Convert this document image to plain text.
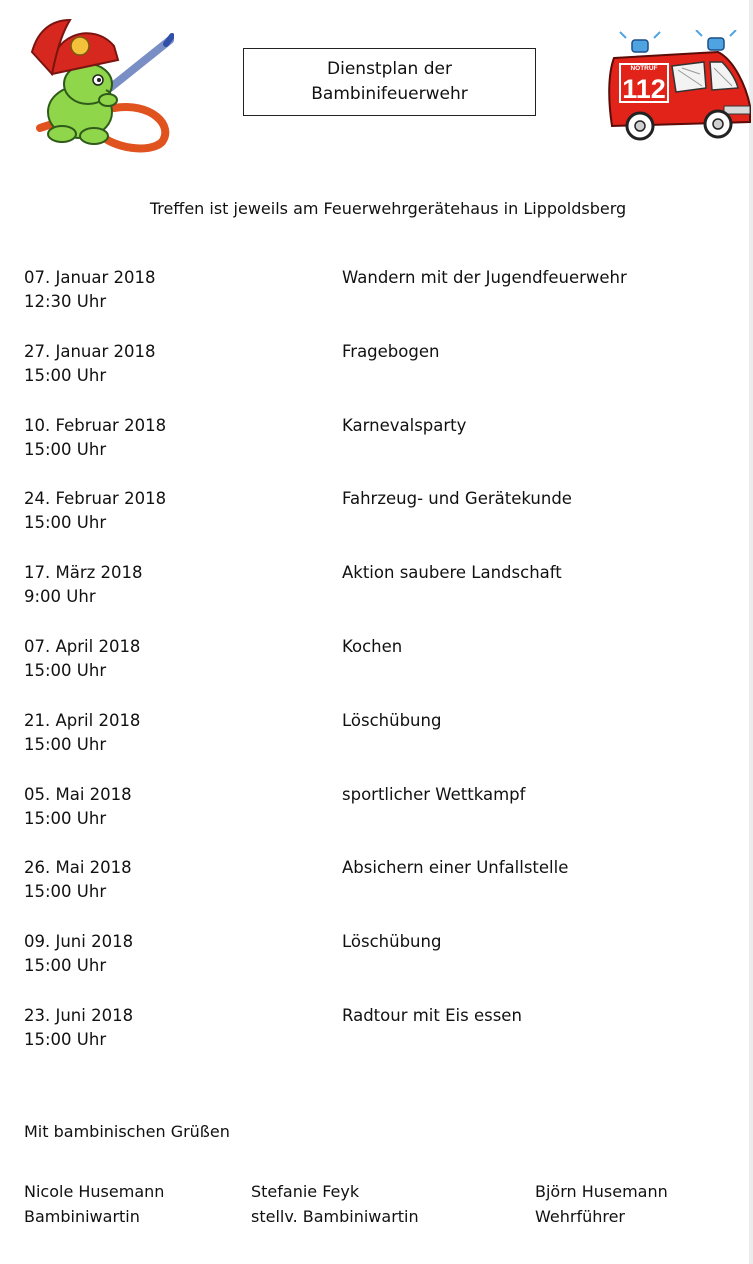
Dienstplan der
Bambinifeuerwehr
NOTRUF
112
Treffen ist jeweils am Feuerwehrgerätehaus in Lippoldsberg
07. Januar 2018
12:30 Uhr
Wandern mit der Jugendfeuerwehr
27. Januar 2018
15:00 Uhr
Fragebogen
10. Februar 2018
15:00 Uhr
Karnevalsparty
24. Februar 2018
15:00 Uhr
Fahrzeug- und Gerätekunde
17. März 2018
9:00 Uhr
Aktion saubere Landschaft
07. April 2018
15:00 Uhr
Kochen
21. April 2018
15:00 Uhr
Löschübung
05. Mai 2018
15:00 Uhr
sportlicher Wettkampf
26. Mai 2018
15:00 Uhr
Absichern einer Unfallstelle
09. Juni 2018
15:00 Uhr
Löschübung
23. Juni 2018
15:00 Uhr
Radtour mit Eis essen
Mit bambinischen Grüßen
Nicole Husemann
Bambiniwartin
Stefanie Feyk
stellv. Bambiniwartin
Björn Husemann
Wehrführer
